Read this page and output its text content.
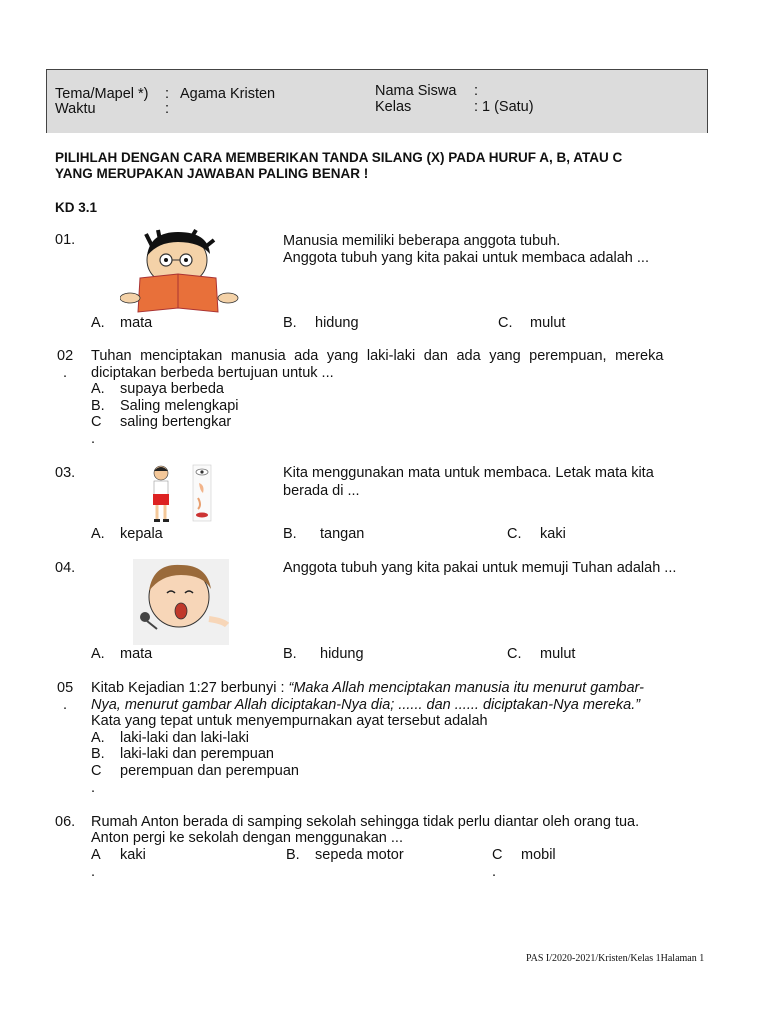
Tema/Mapel *) : Agama Kristen
Waktu	:
Nama Siswa :
Kelas	: 1 (Satu)
PILIHLAH DENGAN CARA MEMBERIKAN TANDA SILANG (X) PADA HURUF A, B, ATAU C
YANG MERUPAKAN JAWABAN PALING BENAR !
KD 3.1
01.	Manusia memiliki beberapa anggota tubuh.
Anggota tubuh yang kita pakai untuk membaca adalah ...
A. mata	B. hidung	C. mulut
02
.
Tuhan menciptakan manusia ada yang laki-laki dan ada yang perempuan, mereka
diciptakan berbeda bertujuan untuk ...
A. supaya berbeda
B. Saling melengkapi
C saling bertengkar
.
03.	Kita menggunakan mata untuk membaca. Letak mata kita
berada di ...
A. kepala	B. tangan	C. kaki
04.	Anggota tubuh yang kita pakai untuk memuji Tuhan adalah ...
A. mata	B. hidung	C. mulut
05
.
Kitab Kejadian 1:27 berbunyi : “Maka Allah menciptakan manusia itu menurut gambar-
Nya, menurut gambar Allah diciptakan-Nya dia; ...... dan ...... diciptakan-Nya mereka.”
Kata yang tepat untuk menyempurnakan ayat tersebut adalah
A. laki-laki dan laki-laki
B. laki-laki dan perempuan
C perempuan dan perempuan
.
06. Rumah Anton berada di samping sekolah sehingga tidak perlu diantar oleh orang tua.
Anton pergi ke sekolah dengan menggunakan ...
A kaki
.
B. sepeda motor	C mobil
.
PAS I/2020-2021/Kristen/Kelas 1Halaman 1
